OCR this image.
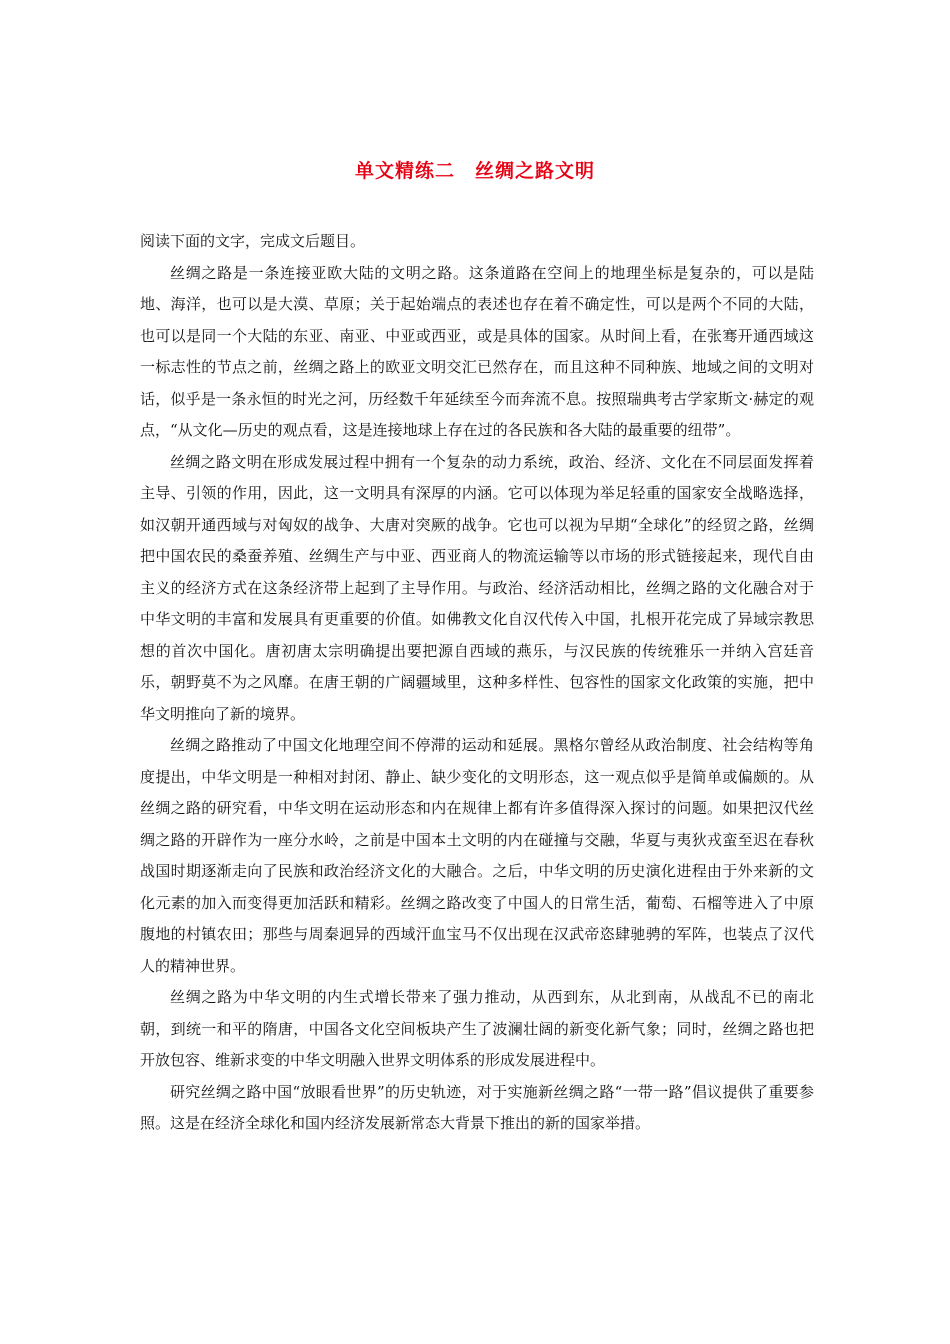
单文精练二　丝绸之路文明

阅读下面的文字，完成文后题目。

丝绸之路是一条连接亚欧大陆的文明之路。这条道路在空间上的地理坐标是复杂的，可以是陆地、海洋，也可以是大漠、草原；关于起始端点的表述也存在着不确定性，可以是两个不同的大陆，也可以是同一个大陆的东亚、南亚、中亚或西亚，或是具体的国家。从时间上看，在张骞开通西域这一标志性的节点之前，丝绸之路上的欧亚文明交汇已然存在，而且这种不同种族、地域之间的文明对话，似乎是一条永恒的时光之河，历经数千年延续至今而奔流不息。按照瑞典考古学家斯文·赫定的观点，“从文化—历史的观点看，这是连接地球上存在过的各民族和各大陆的最重要的纽带”。

丝绸之路文明在形成发展过程中拥有一个复杂的动力系统，政治、经济、文化在不同层面发挥着主导、引领的作用，因此，这一文明具有深厚的内涵。它可以体现为举足轻重的国家安全战略选择，如汉朝开通西域与对匈奴的战争、大唐对突厥的战争。它也可以视为早期“全球化”的经贸之路，丝绸把中国农民的桑蚕养殖、丝绸生产与中亚、西亚商人的物流运输等以市场的形式链接起来，现代自由主义的经济方式在这条经济带上起到了主导作用。与政治、经济活动相比，丝绸之路的文化融合对于中华文明的丰富和发展具有更重要的价值。如佛教文化自汉代传入中国，扎根开花完成了异域宗教思想的首次中国化。唐初唐太宗明确提出要把源自西域的燕乐，与汉民族的传统雅乐一并纳入宫廷音乐，朝野莫不为之风靡。在唐王朝的广阔疆域里，这种多样性、包容性的国家文化政策的实施，把中华文明推向了新的境界。

丝绸之路推动了中国文化地理空间不停滞的运动和延展。黑格尔曾经从政治制度、社会结构等角度提出，中华文明是一种相对封闭、静止、缺少变化的文明形态，这一观点似乎是简单或偏颇的。从丝绸之路的研究看，中华文明在运动形态和内在规律上都有许多值得深入探讨的问题。如果把汉代丝绸之路的开辟作为一座分水岭，之前是中国本土文明的内在碰撞与交融，华夏与夷狄戎蛮至迟在春秋战国时期逐渐走向了民族和政治经济文化的大融合。之后，中华文明的历史演化进程由于外来新的文化元素的加入而变得更加活跃和精彩。丝绸之路改变了中国人的日常生活，葡萄、石榴等进入了中原腹地的村镇农田；那些与周秦迥异的西域汗血宝马不仅出现在汉武帝恣肆驰骋的军阵，也装点了汉代人的精神世界。

丝绸之路为中华文明的内生式增长带来了强力推动，从西到东，从北到南，从战乱不已的南北朝，到统一和平的隋唐，中国各文化空间板块产生了波澜壮阔的新变化新气象；同时，丝绸之路也把开放包容、维新求变的中华文明融入世界文明体系的形成发展进程中。

研究丝绸之路中国“放眼看世界”的历史轨迹，对于实施新丝绸之路“一带一路”倡议提供了重要参照。这是在经济全球化和国内经济发展新常态大背景下推出的新的国家举措。
